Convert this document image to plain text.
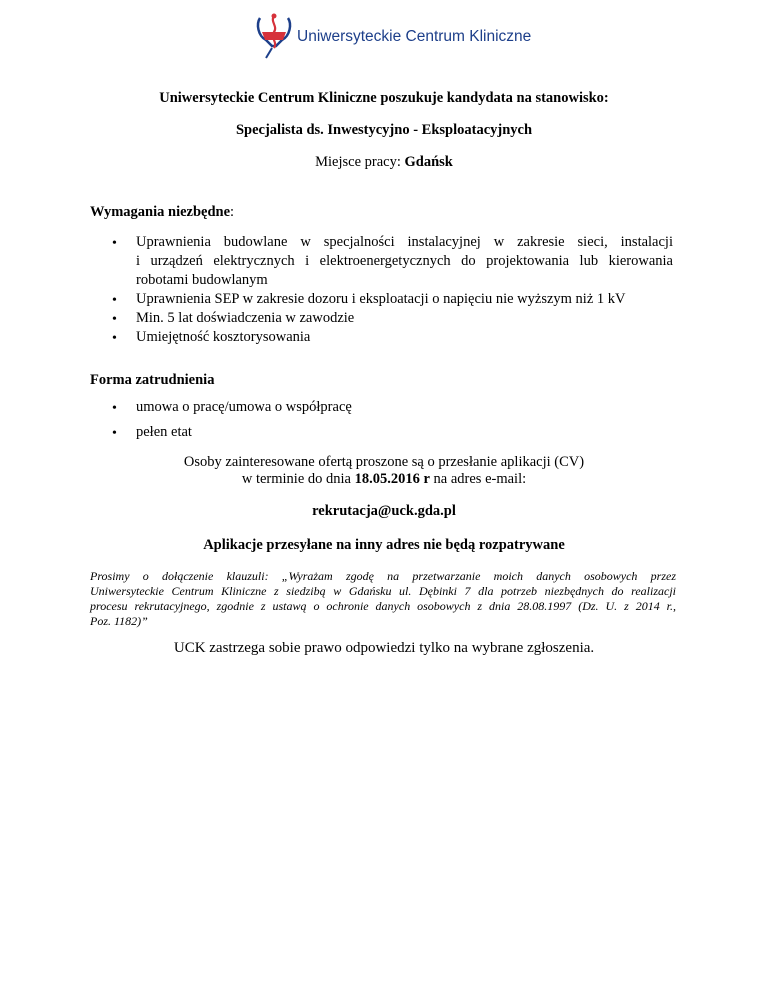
Uniwersyteckie Centrum Kliniczne
Uniwersyteckie Centrum Kliniczne poszukuje kandydata na stanowisko:
Specjalista ds. Inwestycyjno - Eksploatacyjnych
Miejsce pracy: Gdańsk
Wymagania niezbędne:
• Uprawnienia budowlane w specjalności instalacyjnej w zakresie sieci, instalacji
i urządzeń elektrycznych i elektroenergetycznych do projektowania lub kierowania
robotami budowlanym
• Uprawnienia SEP w zakresie dozoru i eksploatacji o napięciu nie wyższym niż 1 kV
• Min. 5 lat doświadczenia w zawodzie
• Umiejętność kosztorysowania
Forma zatrudnienia
• umowa o pracę/umowa o współpracę
• pełen etat
Osoby zainteresowane ofertą proszone są o przesłanie aplikacji (CV)
w terminie do dnia 18.05.2016 r na adres e-mail:
rekrutacja@uck.gda.pl
Aplikacje przesyłane na inny adres nie będą rozpatrywane
Prosimy o dołączenie klauzuli: „Wyrażam zgodę na przetwarzanie moich danych osobowych przez
Uniwersyteckie Centrum Kliniczne z siedzibą w Gdańsku ul. Dębinki 7 dla potrzeb niezbędnych do realizacji
procesu rekrutacyjnego, zgodnie z ustawą o ochronie danych osobowych z dnia 28.08.1997 (Dz. U. z 2014 r.,
Poz. 1182)”
UCK zastrzega sobie prawo odpowiedzi tylko na wybrane zgłoszenia.
